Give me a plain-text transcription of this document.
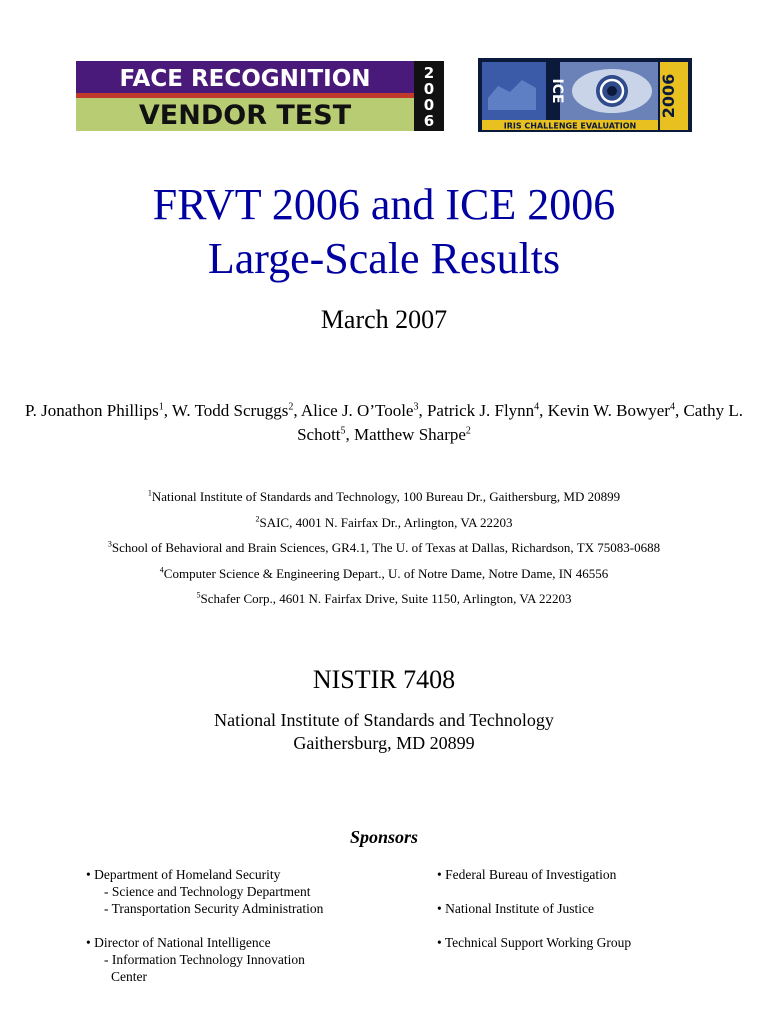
FACE RECOGNITION
VENDOR TEST
2
0
0
6
ICE
IRIS CHALLENGE EVALUATION
2006
FRVT 2006 and ICE 2006
Large-Scale Results
March 2007
P. Jonathon Phillips$^1$, W. Todd Scruggs$^2$, Alice J. O’Toole$^3$, Patrick J. Flynn$^4$, Kevin W. Bowyer$^4$, Cathy L. Schott$^5$, Matthew Sharpe$^2$
$^1$National Institute of Standards and Technology, 100 Bureau Dr., Gaithersburg, MD 20899
$^2$SAIC, 4001 N. Fairfax Dr., Arlington, VA 22203
$^3$School of Behavioral and Brain Sciences, GR4.1, The U. of Texas at Dallas, Richardson, TX 75083-0688
$^4$Computer Science & Engineering Depart., U. of Notre Dame, Notre Dame, IN 46556
$^5$Schafer Corp., 4601 N. Fairfax Drive, Suite 1150, Arlington, VA 22203
NISTIR 7408
National Institute of Standards and Technology
Gaithersburg, MD 20899
Sponsors
• Department of Homeland Security
- Science and Technology Department
- Transportation Security Administration
• Director of National Intelligence
- Information Technology Innovation
Center
• Federal Bureau of Investigation
• National Institute of Justice
• Technical Support Working Group
